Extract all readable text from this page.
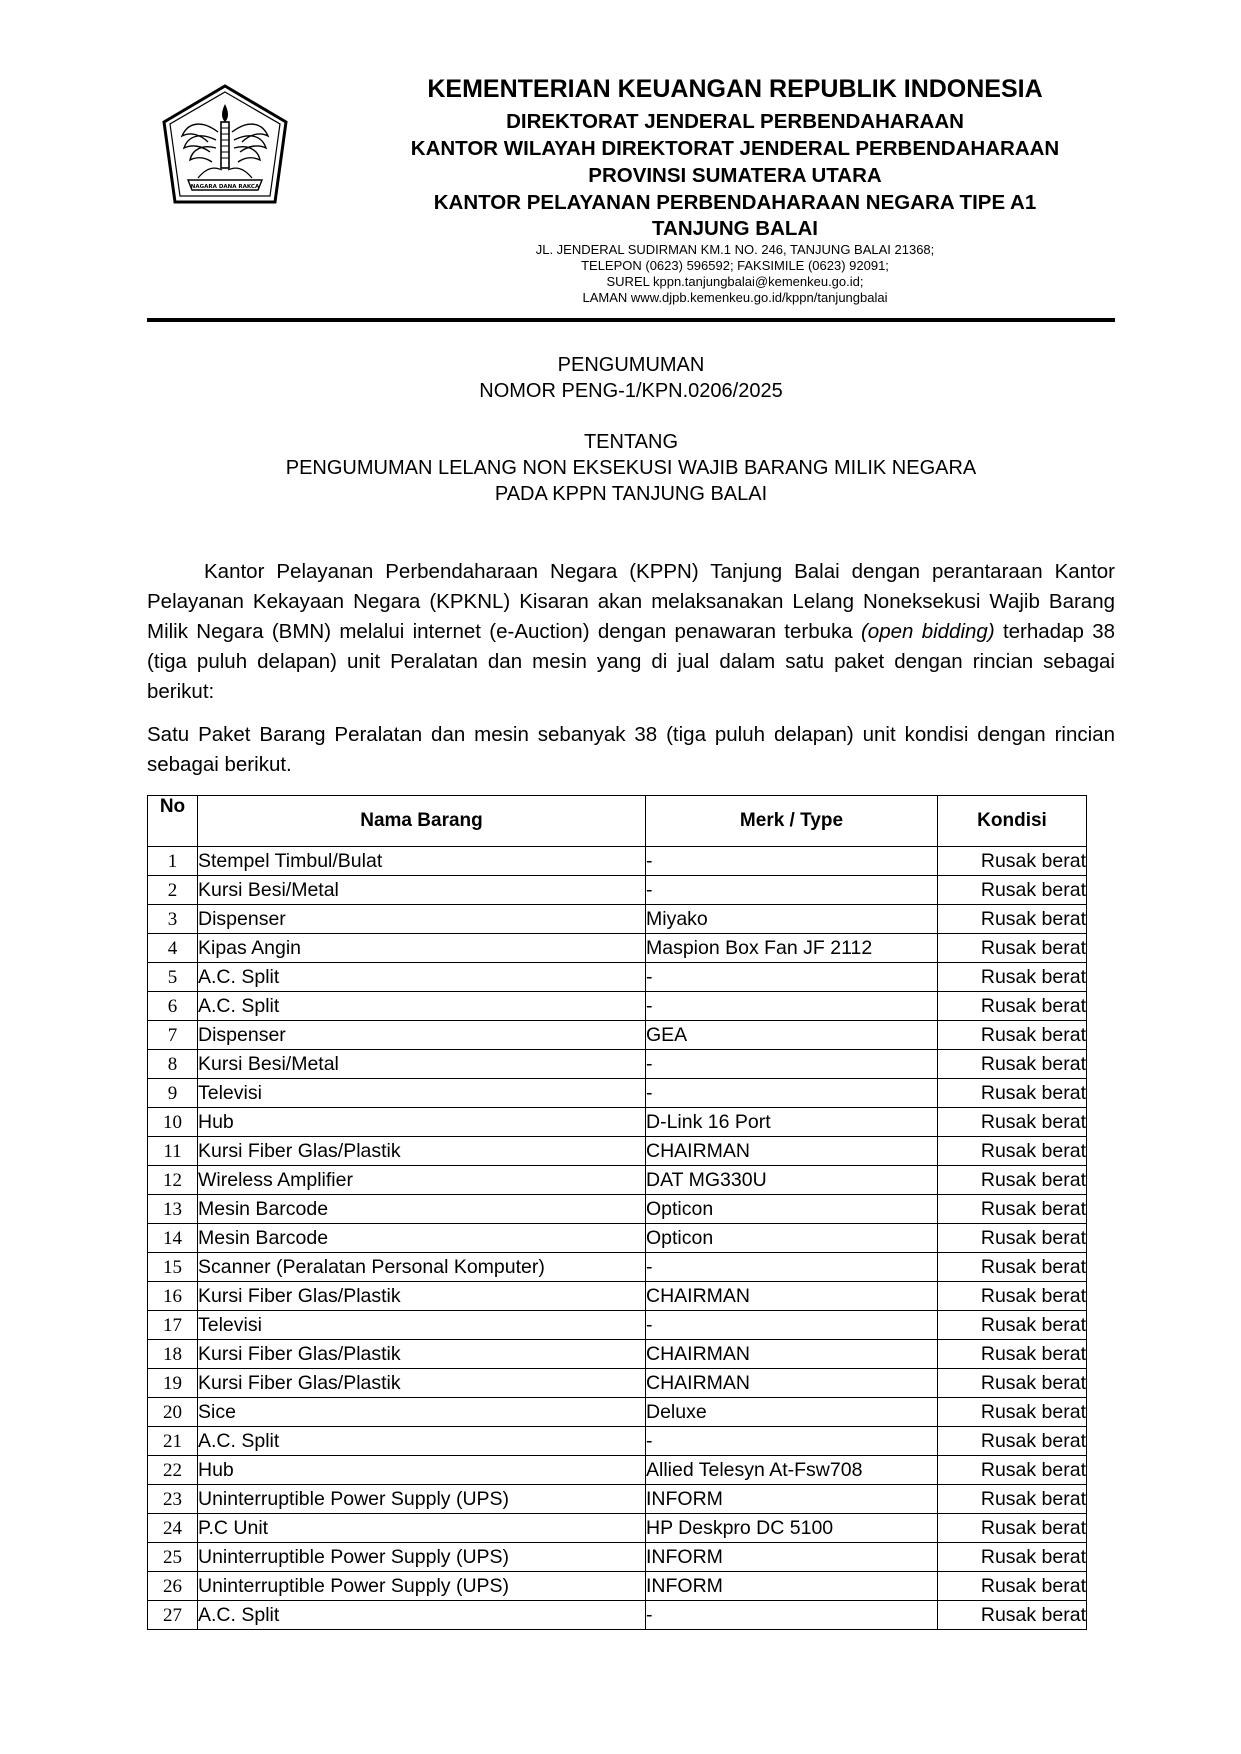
NAGARA DANA RAKCA
KEMENTERIAN KEUANGAN REPUBLIK INDONESIA
DIREKTORAT JENDERAL PERBENDAHARAAN
KANTOR WILAYAH DIREKTORAT JENDERAL PERBENDAHARAAN
PROVINSI SUMATERA UTARA
KANTOR PELAYANAN PERBENDAHARAAN NEGARA TIPE A1
TANJUNG BALAI
JL. JENDERAL SUDIRMAN KM.1 NO. 246, TANJUNG BALAI 21368;
TELEPON (0623) 596592; FAKSIMILE (0623) 92091;
SUREL kppn.tanjungbalai@kemenkeu.go.id;
LAMAN www.djpb.kemenkeu.go.id/kppn/tanjungbalai
PENGUMUMAN
NOMOR PENG-1/KPN.0206/2025
TENTANG
PENGUMUMAN LELANG NON EKSEKUSI WAJIB BARANG MILIK NEGARA
PADA KPPN TANJUNG BALAI
Kantor Pelayanan Perbendaharaan Negara (KPPN) Tanjung Balai dengan perantaraan Kantor Pelayanan Kekayaan Negara (KPKNL) Kisaran akan melaksanakan Lelang Noneksekusi Wajib Barang Milik Negara (BMN) melalui internet (e-Auction) dengan penawaran terbuka (open bidding) terhadap 38 (tiga puluh delapan) unit Peralatan dan mesin yang di jual dalam satu paket dengan rincian sebagai berikut:
Satu Paket Barang Peralatan dan mesin sebanyak 38 (tiga puluh delapan) unit kondisi dengan rincian sebagai berikut.
No	Nama Barang	Merk / Type	Kondisi
1	Stempel Timbul/Bulat	-	Rusak berat
2	Kursi Besi/Metal	-	Rusak berat
3	Dispenser	Miyako	Rusak berat
4	Kipas Angin	Maspion Box Fan JF 2112	Rusak berat
5	A.C. Split	-	Rusak berat
6	A.C. Split	-	Rusak berat
7	Dispenser	GEA	Rusak berat
8	Kursi Besi/Metal	-	Rusak berat
9	Televisi	-	Rusak berat
10	Hub	D-Link 16 Port	Rusak berat
11	Kursi Fiber Glas/Plastik	CHAIRMAN	Rusak berat
12	Wireless Amplifier	DAT MG330U	Rusak berat
13	Mesin Barcode	Opticon	Rusak berat
14	Mesin Barcode	Opticon	Rusak berat
15	Scanner (Peralatan Personal Komputer)	-	Rusak berat
16	Kursi Fiber Glas/Plastik	CHAIRMAN	Rusak berat
17	Televisi	-	Rusak berat
18	Kursi Fiber Glas/Plastik	CHAIRMAN	Rusak berat
19	Kursi Fiber Glas/Plastik	CHAIRMAN	Rusak berat
20	Sice	Deluxe	Rusak berat
21	A.C. Split	-	Rusak berat
22	Hub	Allied Telesyn At-Fsw708	Rusak berat
23	Uninterruptible Power Supply (UPS)	INFORM	Rusak berat
24	P.C Unit	HP Deskpro DC 5100	Rusak berat
25	Uninterruptible Power Supply (UPS)	INFORM	Rusak berat
26	Uninterruptible Power Supply (UPS)	INFORM	Rusak berat
27	A.C. Split	-	Rusak berat
